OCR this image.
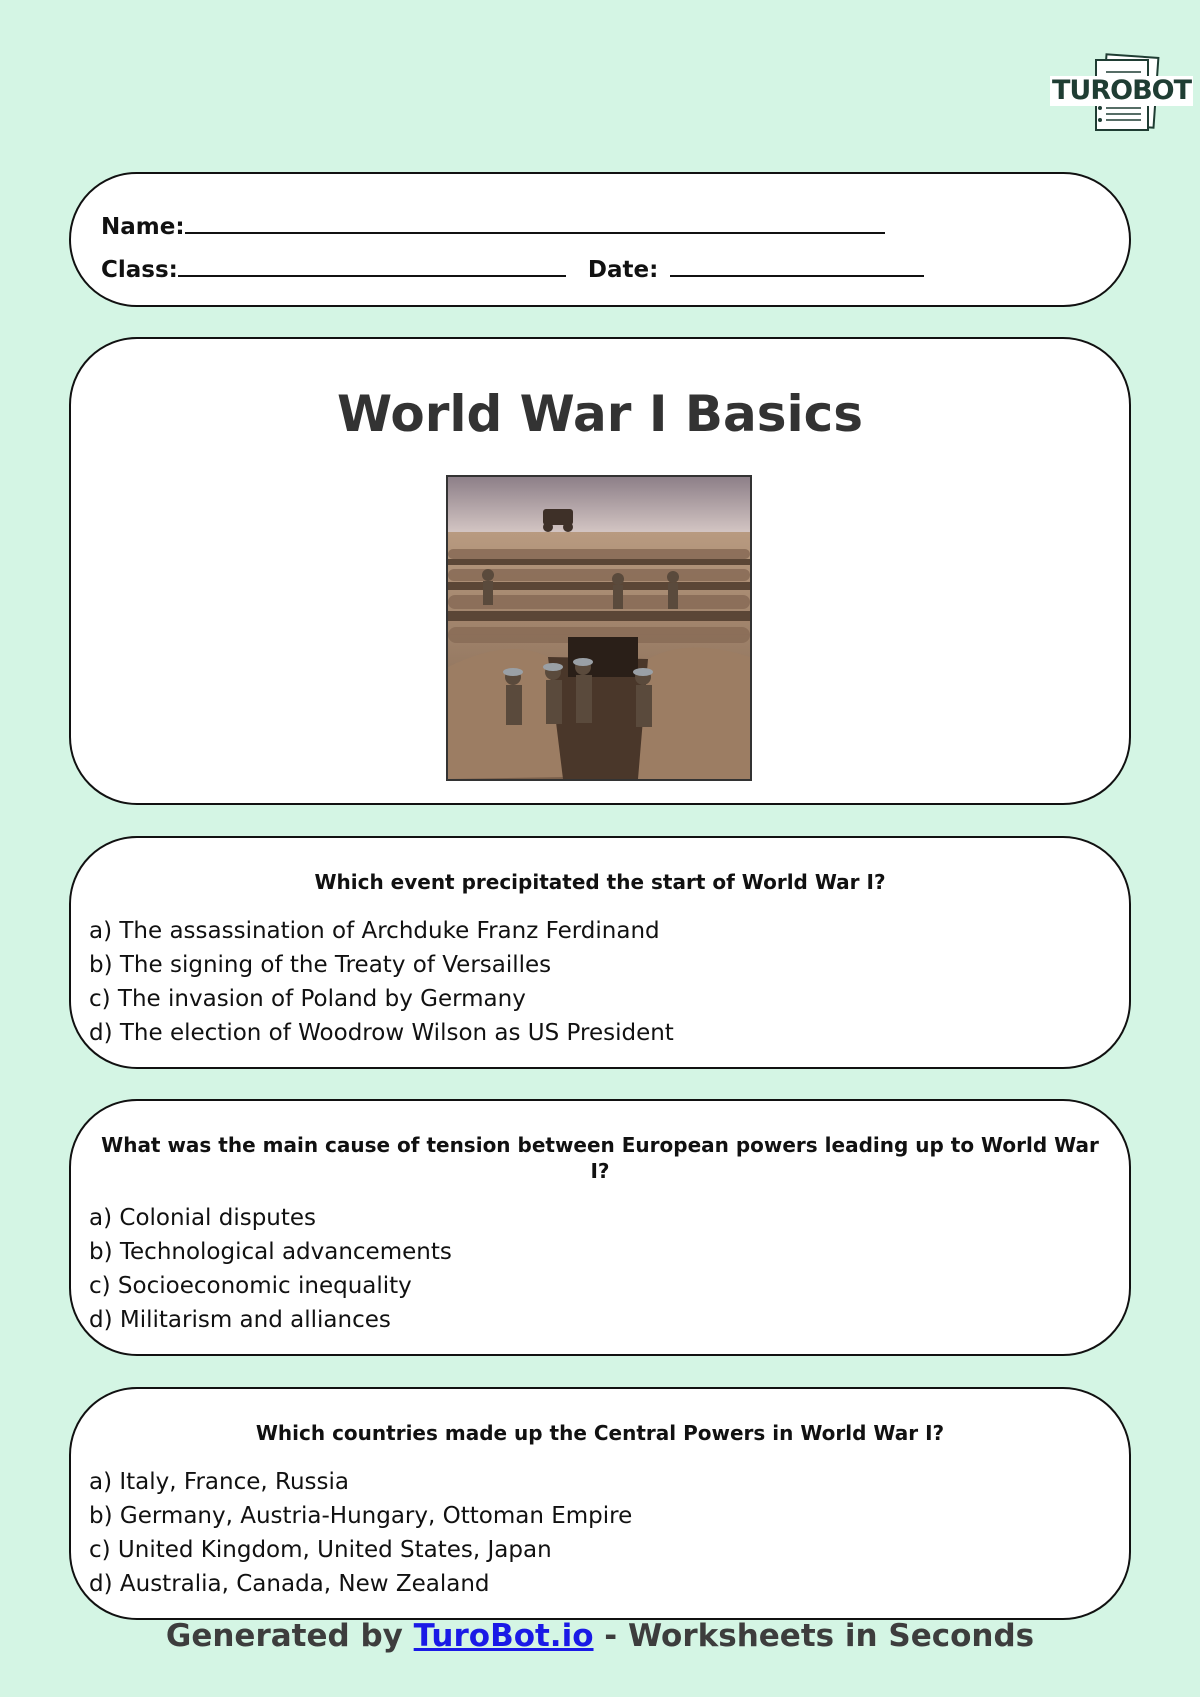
TUROBOT
Name:
Class:	Date:
World War I Basics
Which event precipitated the start of World War I?
a) The assassination of Archduke Franz Ferdinand
b) The signing of the Treaty of Versailles
c) The invasion of Poland by Germany
d) The election of Woodrow Wilson as US President
What was the main cause of tension between European powers leading up to World War I?
a) Colonial disputes
b) Technological advancements
c) Socioeconomic inequality
d) Militarism and alliances
Which countries made up the Central Powers in World War I?
a) Italy, France, Russia
b) Germany, Austria-Hungary, Ottoman Empire
c) United Kingdom, United States, Japan
d) Australia, Canada, New Zealand
Generated by TuroBot.io - Worksheets in Seconds
